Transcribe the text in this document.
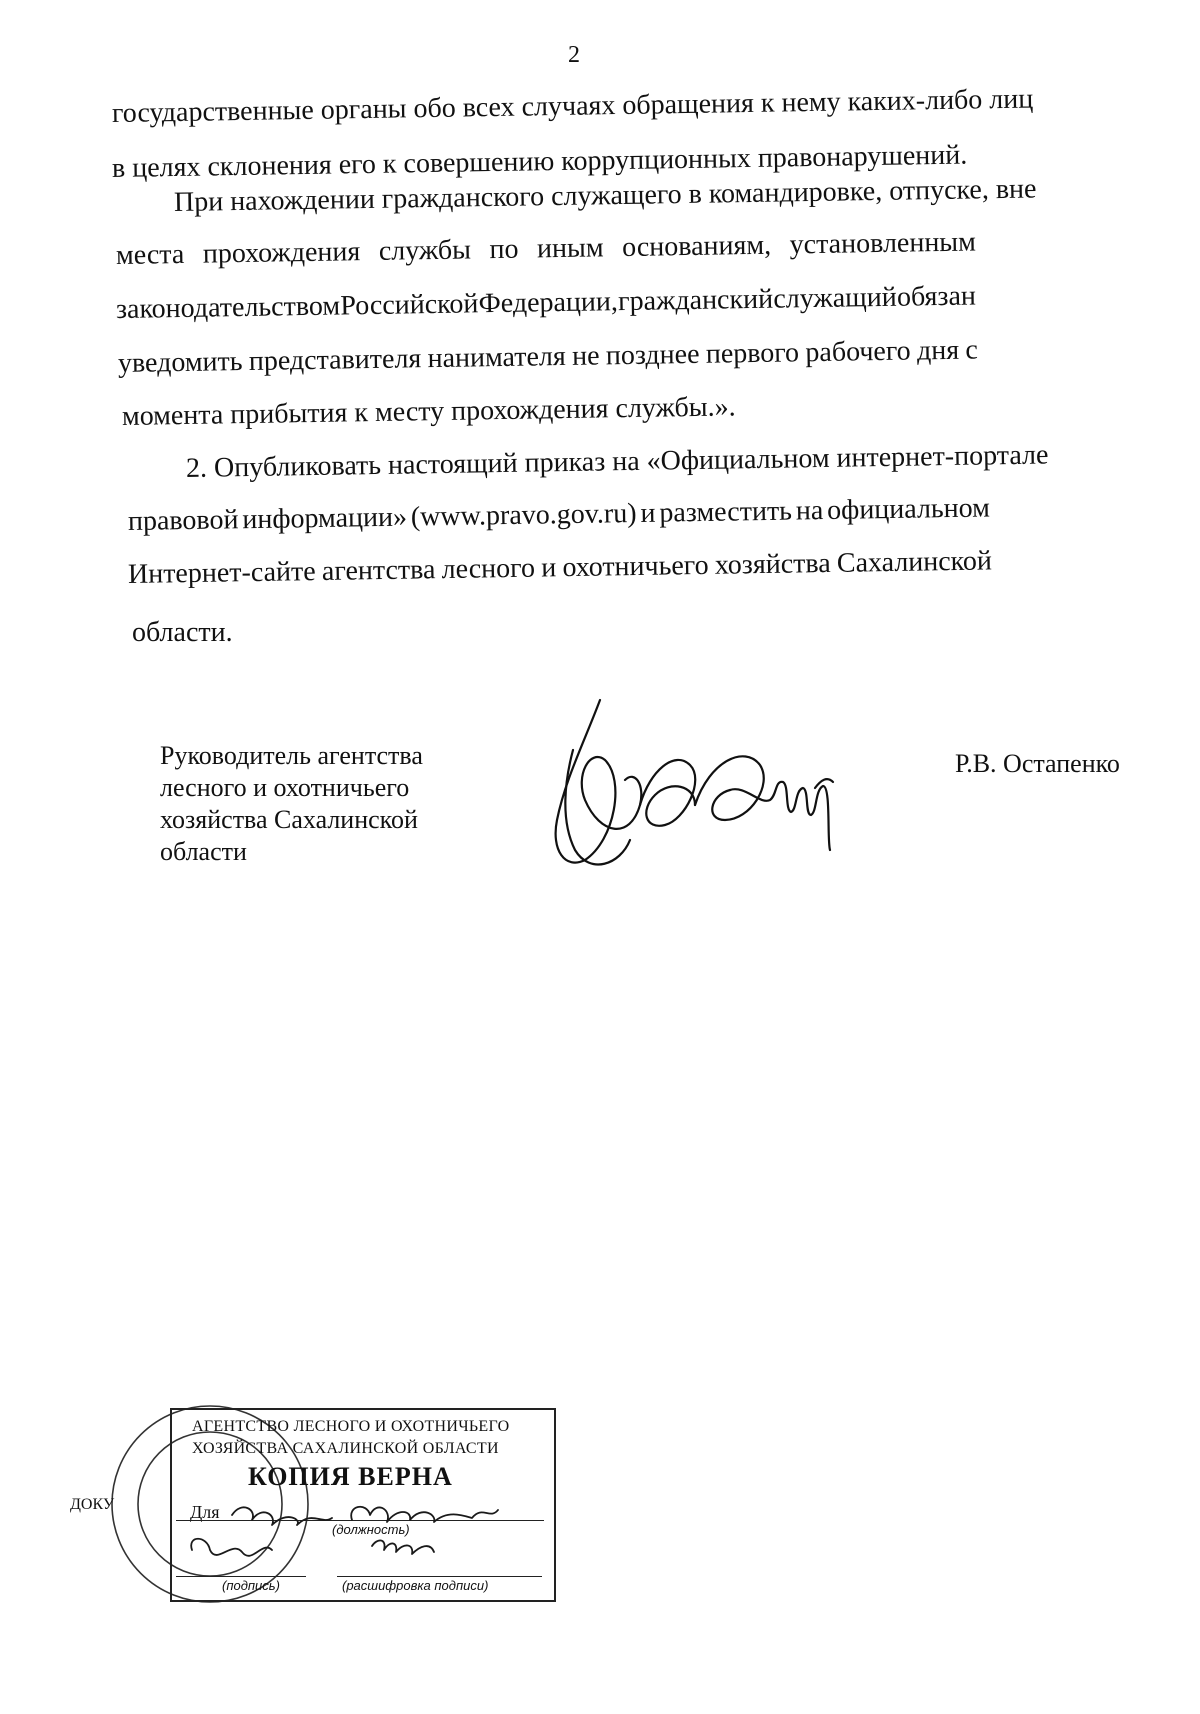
2
государственные органы обо всех случаях обращения к нему каких-либо лиц
в целях склонения его к совершению коррупционных правонарушений.
При нахождении гражданского служащего в командировке, отпуске, вне
места прохождения службы по иным основаниям, установленным
законодательством Российской Федерации, гражданский служащий обязан
уведомить представителя нанимателя не позднее первого рабочего дня с
момента прибытия к месту прохождения службы.».
2. Опубликовать настоящий приказ на «Официальном интернет-портале
правовой информации» (www.pravo.gov.ru) и разместить на официальном
Интернет-сайте агентства лесного и охотничьего хозяйства Сахалинской
области.
Руководитель агентства
лесного и охотничьего
хозяйства Сахалинской
области
Р.В. Остапенко
ДОКУ
АГЕНТСТВО ЛЕСНОГО И ОХОТНИЧЬЕГО
ХОЗЯЙСТВА САХАЛИНСКОЙ ОБЛАСТИ
КОПИЯ ВЕРНА
Для
(должность)
(подпись)	(расшифровка подписи)
